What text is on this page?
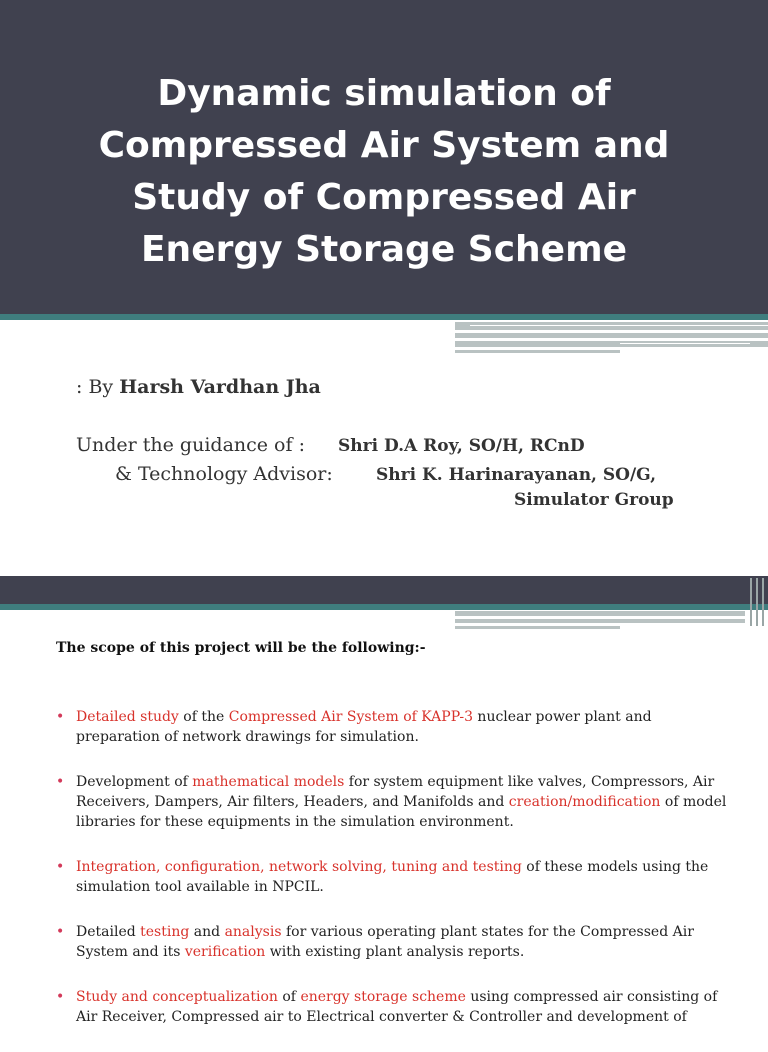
Dynamic simulation of
Compressed Air System and
Study of Compressed Air
Energy Storage Scheme
: By Harsh Vardhan Jha
Under the guidance of : Shri D.A Roy, SO/H, RCnD
& Technology Advisor:	Shri K. Harinarayanan, SO/G,
Simulator Group

The scope of this project will be the following:-

• Detailed study of the Compressed Air System of KAPP-3 nuclear power plant and preparation of network drawings for simulation.
• Development of mathematical models for system equipment like valves, Compressors, Air Receivers, Dampers, Air filters, Headers, and Manifolds and creation/modification of model libraries for these equipments in the simulation environment.
• Integration, configuration, network solving, tuning and testing of these models using the simulation tool available in NPCIL.
• Detailed testing and analysis for various operating plant states for the Compressed Air System and its verification with existing plant analysis reports.
• Study and conceptualization of energy storage scheme using compressed air consisting of Air Receiver, Compressed air to Electrical converter & Controller and development of
